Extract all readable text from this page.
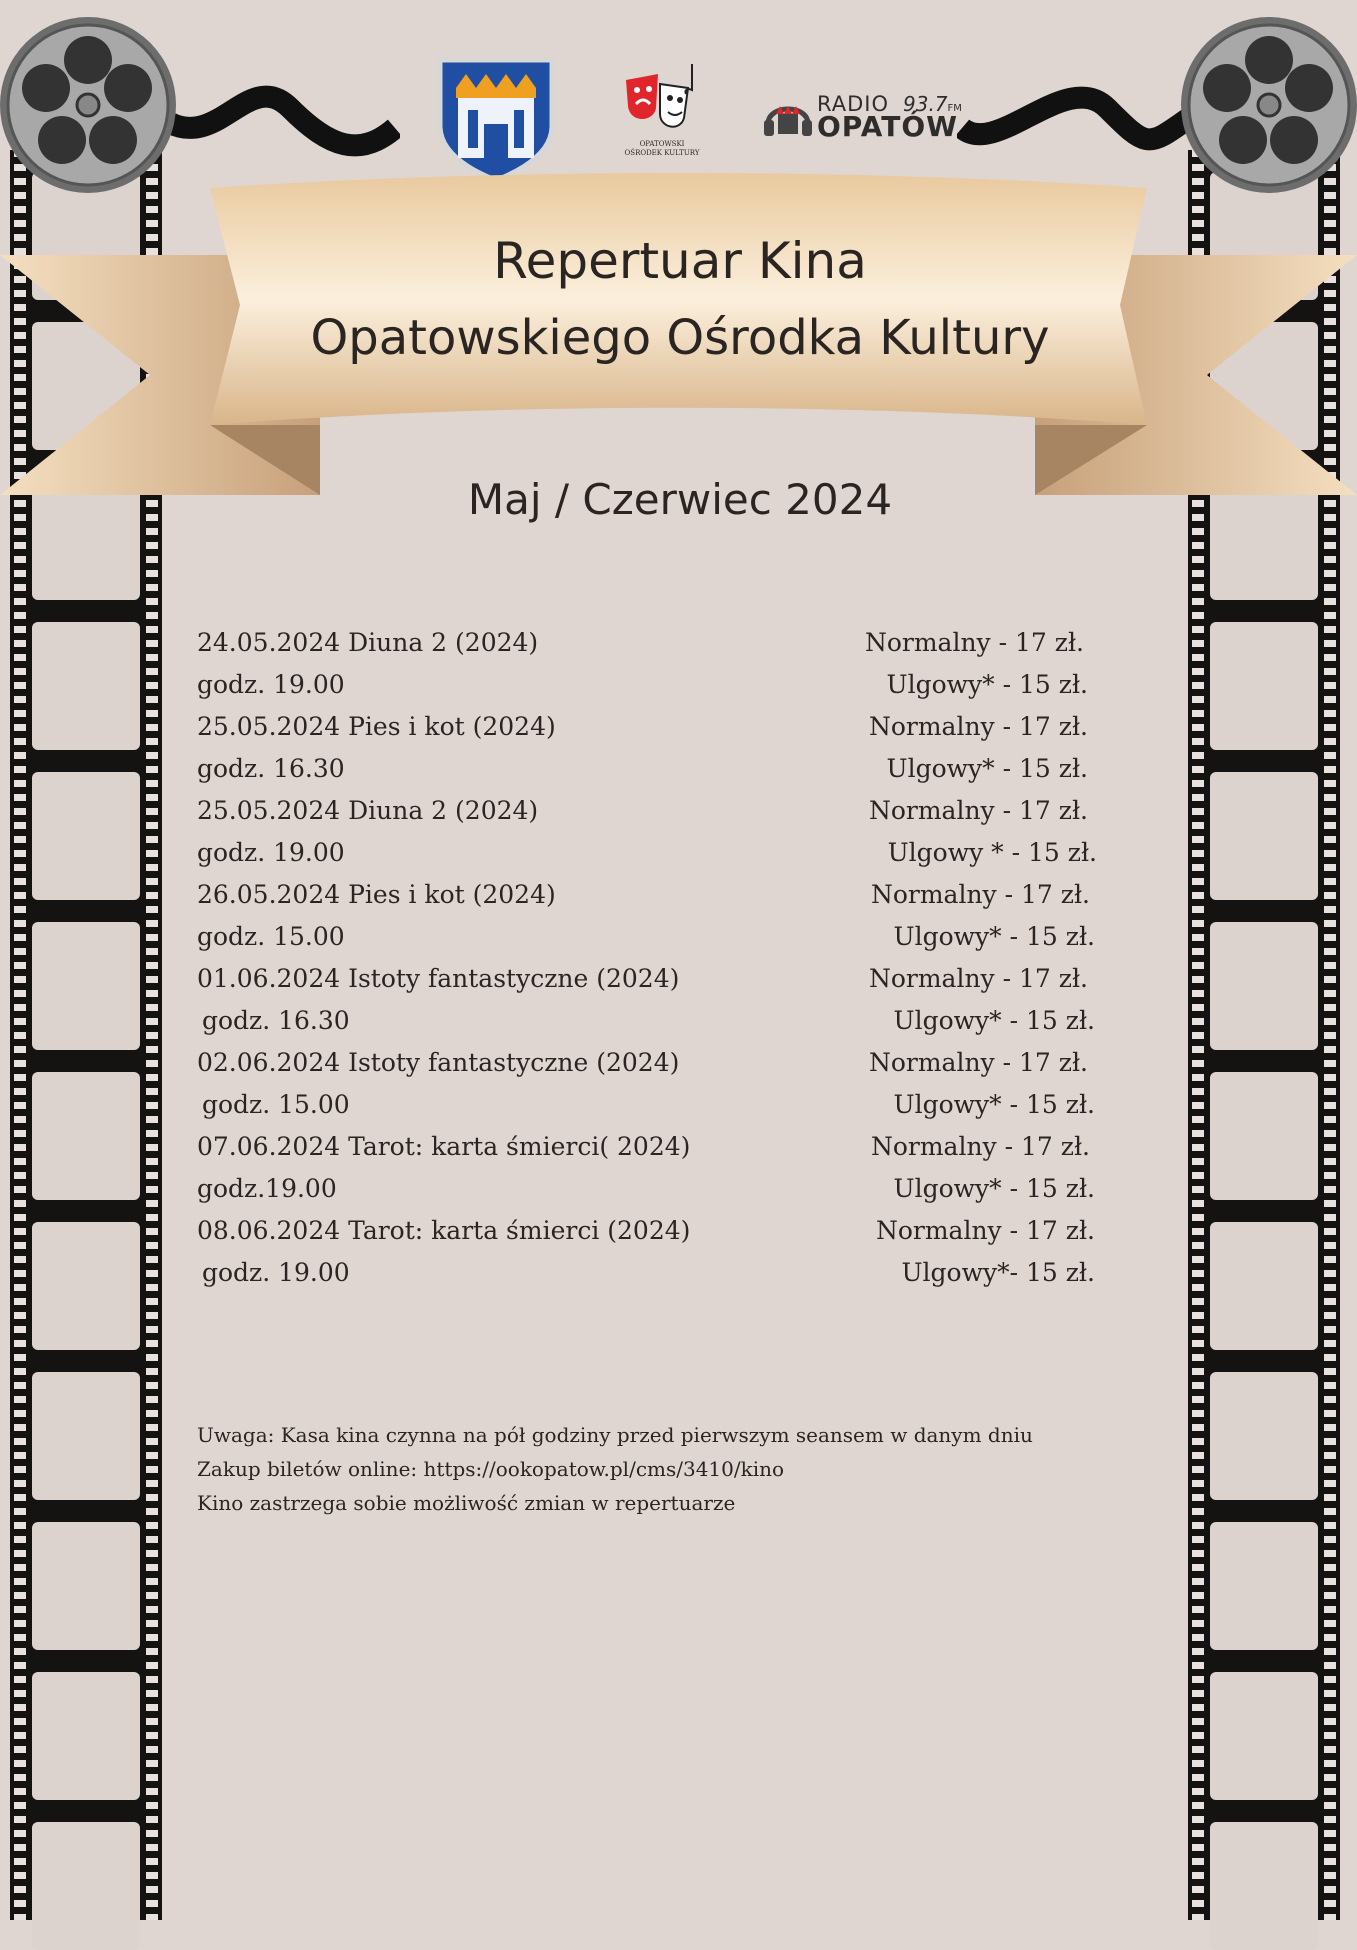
OPATOWSKI OŚRODEK KULTURY
RADIO 93.7FM
OPATÓW
Repertuar Kina
Opatowskiego Ośrodka Kultury
Maj / Czerwiec 2024
24.05.2024 Diuna 2 (2024)	Normalny - 17 zł.
godz. 19.00	Ulgowy* - 15 zł.
25.05.2024 Pies i kot (2024)	Normalny - 17 zł.
godz. 16.30	Ulgowy* - 15 zł.
25.05.2024 Diuna 2 (2024)	Normalny - 17 zł.
godz. 19.00	Ulgowy * - 15 zł.
26.05.2024 Pies i kot (2024)	Normalny - 17 zł.
godz. 15.00	Ulgowy* - 15 zł.
01.06.2024 Istoty fantastyczne (2024)	Normalny - 17 zł.
godz. 16.30	Ulgowy* - 15 zł.
02.06.2024 Istoty fantastyczne (2024)	Normalny - 17 zł.
godz. 15.00	Ulgowy* - 15 zł.
07.06.2024 Tarot: karta śmierci( 2024)	Normalny - 17 zł.
godz.19.00	Ulgowy* - 15 zł.
08.06.2024 Tarot: karta śmierci (2024)	Normalny - 17 zł.
godz. 19.00	Ulgowy*- 15 zł.
Uwaga: Kasa kina czynna na pół godziny przed pierwszym seansem w danym dniu
Zakup biletów online: https://ookopatow.pl/cms/3410/kino
Kino zastrzega sobie możliwość zmian w repertuarze
